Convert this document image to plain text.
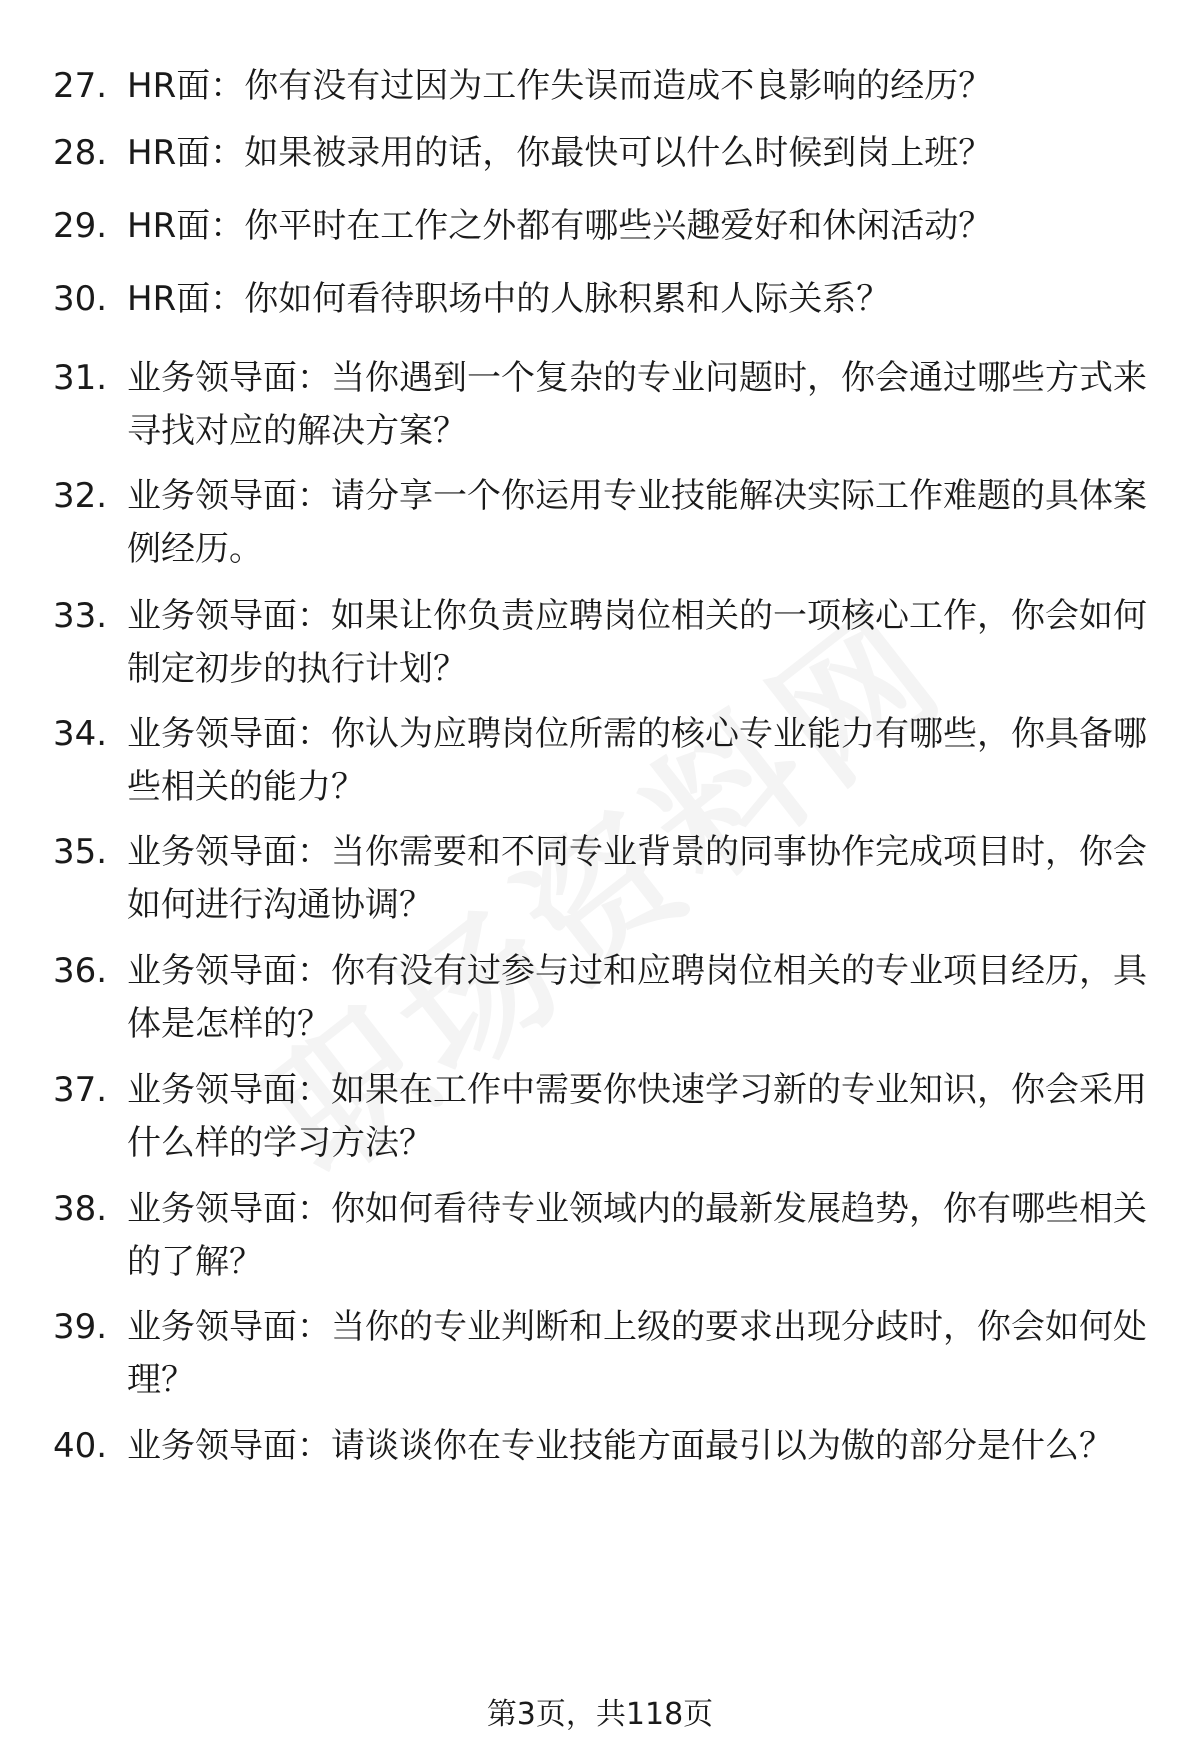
27. HR面：你有没有过因为工作失误而造成不良影响的经历？
28. HR面：如果被录用的话，你最快可以什么时候到岗上班？
29. HR面：你平时在工作之外都有哪些兴趣爱好和休闲活动？
30. HR面：你如何看待职场中的人脉积累和人际关系？
31. 业务领导面：当你遇到一个复杂的专业问题时，你会通过哪些方式来寻找对应的解决方案？
32. 业务领导面：请分享一个你运用专业技能解决实际工作难题的具体案例经历。
33. 业务领导面：如果让你负责应聘岗位相关的一项核心工作，你会如何制定初步的执行计划？
34. 业务领导面：你认为应聘岗位所需的核心专业能力有哪些，你具备哪些相关的能力？
35. 业务领导面：当你需要和不同专业背景的同事协作完成项目时，你会如何进行沟通协调？
36. 业务领导面：你有没有过参与过和应聘岗位相关的专业项目经历，具体是怎样的？
37. 业务领导面：如果在工作中需要你快速学习新的专业知识，你会采用什么样的学习方法？
38. 业务领导面：你如何看待专业领域内的最新发展趋势，你有哪些相关的了解？
39. 业务领导面：当你的专业判断和上级的要求出现分歧时，你会如何处理？
40. 业务领导面：请谈谈你在专业技能方面最引以为傲的部分是什么？
第3页，共118页
